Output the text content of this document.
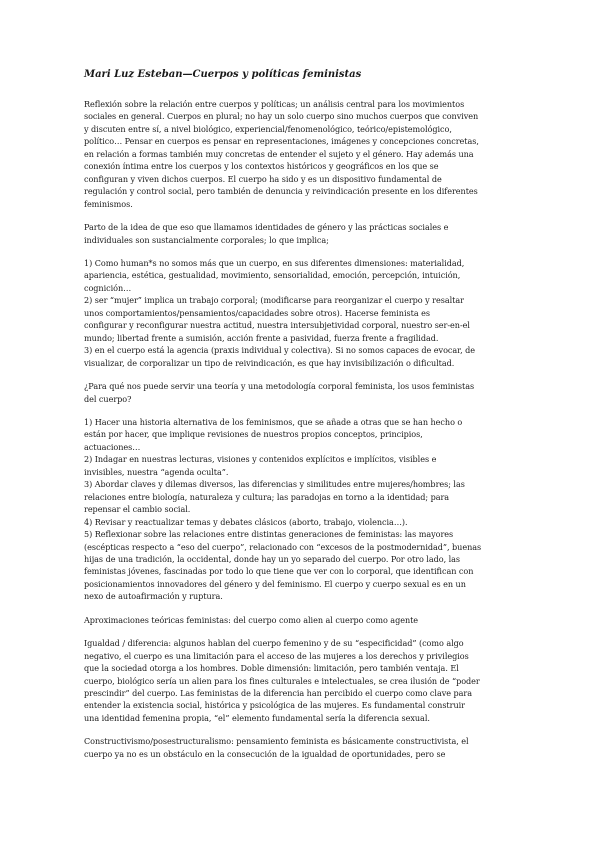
Mari Luz Esteban—Cuerpos y políticas feministas

Reflexión sobre la relación entre cuerpos y políticas; un análisis central para los movimientos
sociales en general. Cuerpos en plural; no hay un solo cuerpo sino muchos cuerpos que conviven
y discuten entre sí, a nivel biológico, experiencial/fenomenológico, teórico/epistemológico,
político… Pensar en cuerpos es pensar en representaciones, imágenes y concepciones concretas,
en relación a formas también muy concretas de entender el sujeto y el género. Hay además una
conexión íntima entre los cuerpos y los contextos históricos y geográficos en los que se
configuran y viven dichos cuerpos. El cuerpo ha sido y es un dispositivo fundamental de
regulación y control social, pero también de denuncia y reivindicación presente en los diferentes
feminismos.

Parto de la idea de que eso que llamamos identidades de género y las prácticas sociales e
individuales son sustancialmente corporales; lo que implica;

1) Como human*s no somos más que un cuerpo, en sus diferentes dimensiones: materialidad,
apariencia, estética, gestualidad, movimiento, sensorialidad, emoción, percepción, intuición,
cognición…
2) ser “mujer” implica un trabajo corporal; (modificarse para reorganizar el cuerpo y resaltar
unos comportamientos/pensamientos/capacidades sobre otros). Hacerse feminista es
configurar y reconfigurar nuestra actitud, nuestra intersubjetividad corporal, nuestro ser-en-el
mundo; libertad frente a sumisión, acción frente a pasividad, fuerza frente a fragilidad.
3) en el cuerpo está la agencia (praxis individual y colectiva). Si no somos capaces de evocar, de
visualizar, de corporalizar un tipo de reivindicación, es que hay invisibilización o dificultad.

¿Para qué nos puede servir una teoría y una metodología corporal feminista, los usos feministas
del cuerpo?

1) Hacer una historia alternativa de los feminismos, que se añade a otras que se han hecho o
están por hacer, que implique revisiones de nuestros propios conceptos, principios,
actuaciones…
2) Indagar en nuestras lecturas, visiones y contenidos explícitos e implícitos, visibles e
invisibles, nuestra “agenda oculta”.
3) Abordar claves y dilemas diversos, las diferencias y similitudes entre mujeres/hombres; las
relaciones entre biología, naturaleza y cultura; las paradojas en torno a la identidad; para
repensar el cambio social.
4) Revisar y reactualizar temas y debates clásicos (aborto, trabajo, violencia…).
5) Reflexionar sobre las relaciones entre distintas generaciones de feministas: las mayores
(escépticas respecto a “eso del cuerpo”, relacionado con “excesos de la postmodernidad”, buenas
hijas de una tradición, la occidental, donde hay un yo separado del cuerpo. Por otro lado, las
feministas jóvenes, fascinadas por todo lo que tiene que ver con lo corporal, que identifican con
posicionamientos innovadores del género y del feminismo. El cuerpo y cuerpo sexual es en un
nexo de autoafirmación y ruptura.

Aproximaciones teóricas feministas: del cuerpo como alien al cuerpo como agente

Igualdad / diferencia: algunos hablan del cuerpo femenino y de su “especificidad” (como algo
negativo, el cuerpo es una limitación para el acceso de las mujeres a los derechos y privilegios
que la sociedad otorga a los hombres. Doble dimensión: limitación, pero también ventaja. El
cuerpo, biológico sería un alien para los fines culturales e intelectuales, se crea ilusión de “poder
prescindir” del cuerpo. Las feministas de la diferencia han percibido el cuerpo como clave para
entender la existencia social, histórica y psicológica de las mujeres. Es fundamental construir
una identidad femenina propia, “el” elemento fundamental sería la diferencia sexual.

Constructivismo/posestructuralismo: pensamiento feminista es básicamente constructivista, el
cuerpo ya no es un obstáculo en la consecución de la igualdad de oportunidades, pero se
